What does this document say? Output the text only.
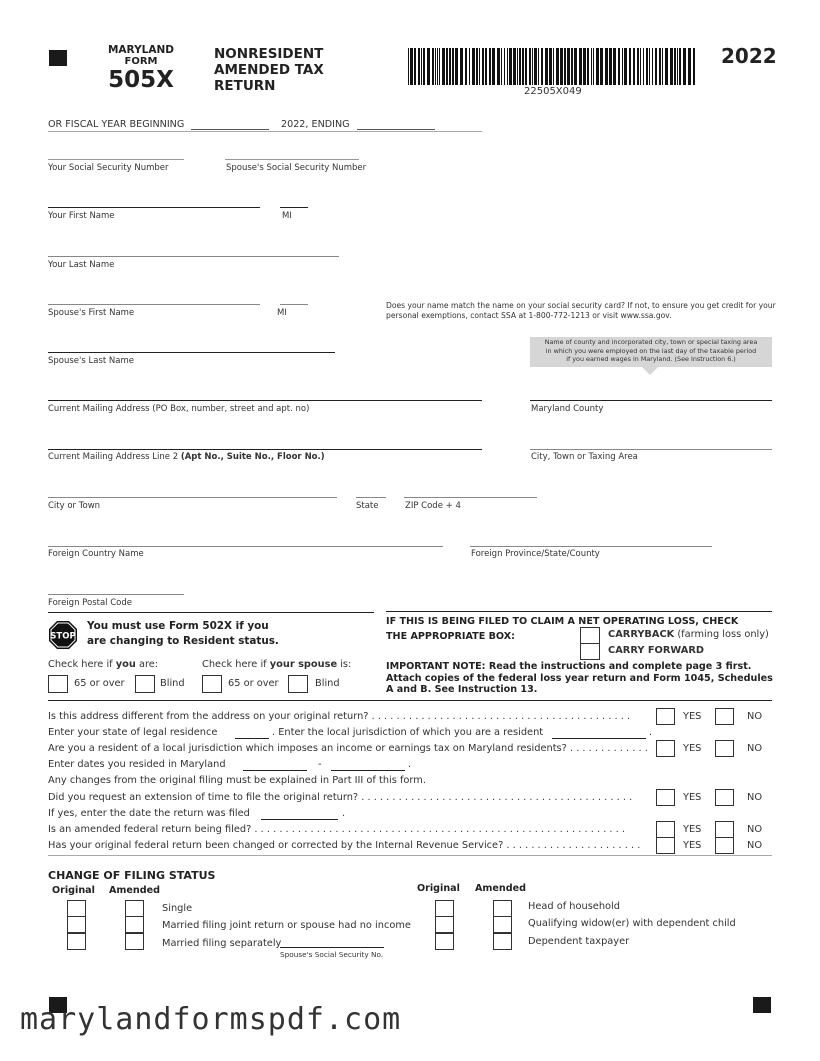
MARYLAND
FORM
505X
NONRESIDENT
AMENDED TAX
RETURN	22505X049
2022
OR FISCAL YEAR BEGINNING	2022, ENDING
Your Social Security Number	Spouse's Social Security Number
Your First Name	MI
Your Last Name
Spouse's First Name	MI
Does your name match the name on your social security card? If not, to ensure you get credit for your
personal exemptions, contact SSA at 1-800-772-1213 or visit www.ssa.gov.
Name of county and incorporated city, town or special taxing area
in which you were employed on the last day of the taxable period
if you earned wages in Maryland. (See Instruction 6.)
Spouse's Last Name
Current Mailing Address (PO Box, number, street and apt. no)	Maryland County
Current Mailing Address Line 2 (Apt No., Suite No., Floor No.)	City, Town or Taxing Area
City or Town	State	ZIP Code + 4
Foreign Country Name	Foreign Province/State/County
Foreign Postal Code
STOP
You must use Form 502X if you
are changing to Resident status.
Check here if you are:	Check here if your spouse is:
65 or over	Blind	65 or over	Blind
IF THIS IS BEING FILED TO CLAIM A NET OPERATING LOSS, CHECK
THE APPROPRIATE BOX:	CARRYBACK (farming loss only)
CARRY FORWARD
IMPORTANT NOTE: Read the instructions and complete page 3 first.
Attach copies of the federal loss year return and Form 1045, Schedules
A and B. See Instruction 13.
Is this address different from the address on your original return? . . . . . . . . . . . . . . . . . . . . . . . . . . . . . . . . . . . . . . . . . .	YES	NO
Enter your state of legal residence	. Enter the local jurisdiction of which you are a resident	.
Are you a resident of a local jurisdiction which imposes an income or earnings tax on Maryland residents? . . . . . . . . . . . . .	YES	NO
Enter dates you resided in Maryland	-	.
Any changes from the original filing must be explained in Part III of this form.
Did you request an extension of time to file the original return? . . . . . . . . . . . . . . . . . . . . . . . . . . . . . . . . . . . . . . . . . . . .	YES	NO
If yes, enter the date the return was filed	.
Is an amended federal return being filed? . . . . . . . . . . . . . . . . . . . . . . . . . . . . . . . . . . . . . . . . . . . . . . . . . . . . . . . . . . . .	YES	NO
Has your original federal return been changed or corrected by the Internal Revenue Service? . . . . . . . . . . . . . . . . . . . . . .	YES	NO
CHANGE OF FILING STATUS
Original Amended	Original Amended
Single
Married filing joint return or spouse had no income
Married filing separately
Spouse's Social Security No.
Head of household
Qualifying widow(er) with dependent child
Dependent taxpayer
marylandformspdf.com
